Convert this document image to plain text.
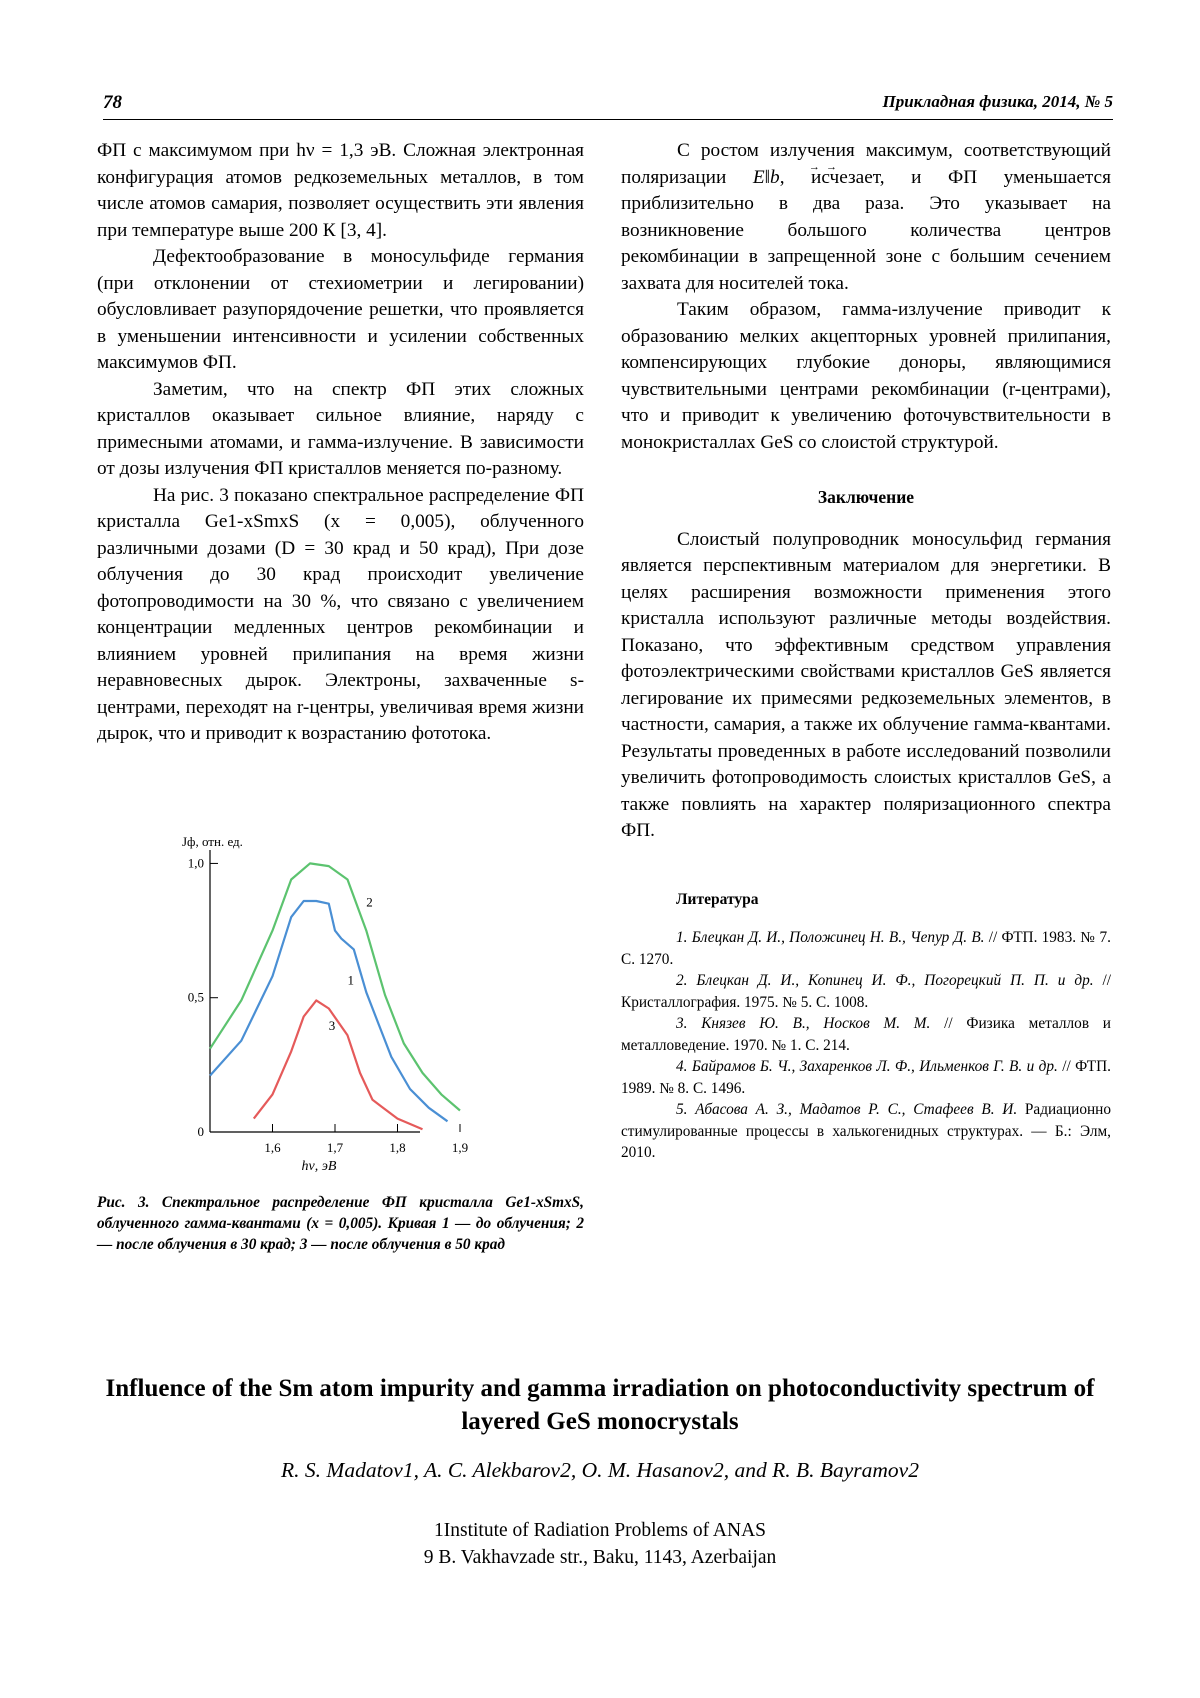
78	Прикладная физика, 2014, № 5

ФП с максимумом при hν = 1,3 эВ. Сложная электронная конфигурация атомов редкоземельных металлов, в том числе атомов самария, позволяет осуществить эти явления при температуре выше 200 К [3, 4].

Дефектообразование в моносульфиде германия (при отклонении от стехиометрии и легировании) обусловливает разупорядочение решетки, что проявляется в уменьшении интенсивности и усилении собственных максимумов ФП.

Заметим, что на спектр ФП этих сложных кристаллов оказывает сильное влияние, наряду с примесными атомами, и гамма-излучение. В зависимости от дозы излучения ФП кристаллов меняется по-разному.

На рис. 3 показано спектральное распределение ФП кристалла Ge1-xSmxS (x = 0,005), облученного различными дозами (D = 30 крад и 50 крад), При дозе облучения до 30 крад происходит увеличение фотопроводимости на 30 %, что связано с увеличением концентрации медленных центров рекомбинации и влиянием уровней прилипания на время жизни неравновесных дырок. Электроны, захваченные s-центрами, переходят на r-центры, увеличивая время жизни дырок, что и приводит к возрастанию фототока.

Jф, отн. ед.
1,6	1,7	1,8	1,9
0
0,5
1,0
1
2
3
hν, эВ

Рис. 3. Спектральное распределение ФП кристалла Ge1-xSmxS, облученного гамма-квантами (x = 0,005). Кривая 1 — до облучения; 2 — после облучения в 30 крад; 3 — после облучения в 50 крад

С ростом излучения максимум, соответствующий поляризации → E‖→ b, исчезает, и ФП уменьшается приблизительно в два раза. Это указывает на возникновение большого количества центров рекомбинации в запрещенной зоне с большим сечением захвата для носителей тока.

Таким образом, гамма-излучение приводит к образованию мелких акцепторных уровней прилипания, компенсирующих глубокие доноры, являющимися чувствительными центрами рекомбинации (r-центрами), что и приводит к увеличению фоточувствительности в монокристаллах GeS со слоистой структурой.

Заключение

Слоистый полупроводник моносульфид германия является перспективным материалом для энергетики. В целях расширения возможности применения этого кристалла используют различные методы воздействия. Показано, что эффективным средством управления фотоэлектрическими свойствами кристаллов GeS является легирование их примесями редкоземельных элементов, в частности, самария, а также их облучение гамма-квантами. Результаты проведенных в работе исследований позволили увеличить фотопроводимость слоистых кристаллов GeS, а также повлиять на характер поляризационного спектра ФП.

Литература

1. Блецкан Д. И., Положинец Н. В., Чепур Д. В. // ФТП. 1983. № 7. С. 1270.

2. Блецкан Д. И., Копинец И. Ф., Погорецкий П. П. и др. // Кристаллография. 1975. № 5. С. 1008.

3. Князев Ю. В., Носков М. М. // Физика металлов и металловедение. 1970. № 1. С. 214.

4. Байрамов Б. Ч., Захаренков Л. Ф., Ильменков Г. В. и др. // ФТП. 1989. № 8. С. 1496.

5. Абасова А. З., Мадатов Р. С., Стафеев В. И. Радиационно стимулированные процессы в халькогенидных структурах. — Б.: Элм, 2010.

Influence of the Sm atom impurity and gamma irradiation on photoconductivity spectrum of layered GeS monocrystals

R. S. Madatov1, A. C. Alekbarov2, O. M. Hasanov2, and R. B. Bayramov2

1Institute of Radiation Problems of ANAS
9 B. Vakhavzade str., Baku, 1143, Azerbaijan
